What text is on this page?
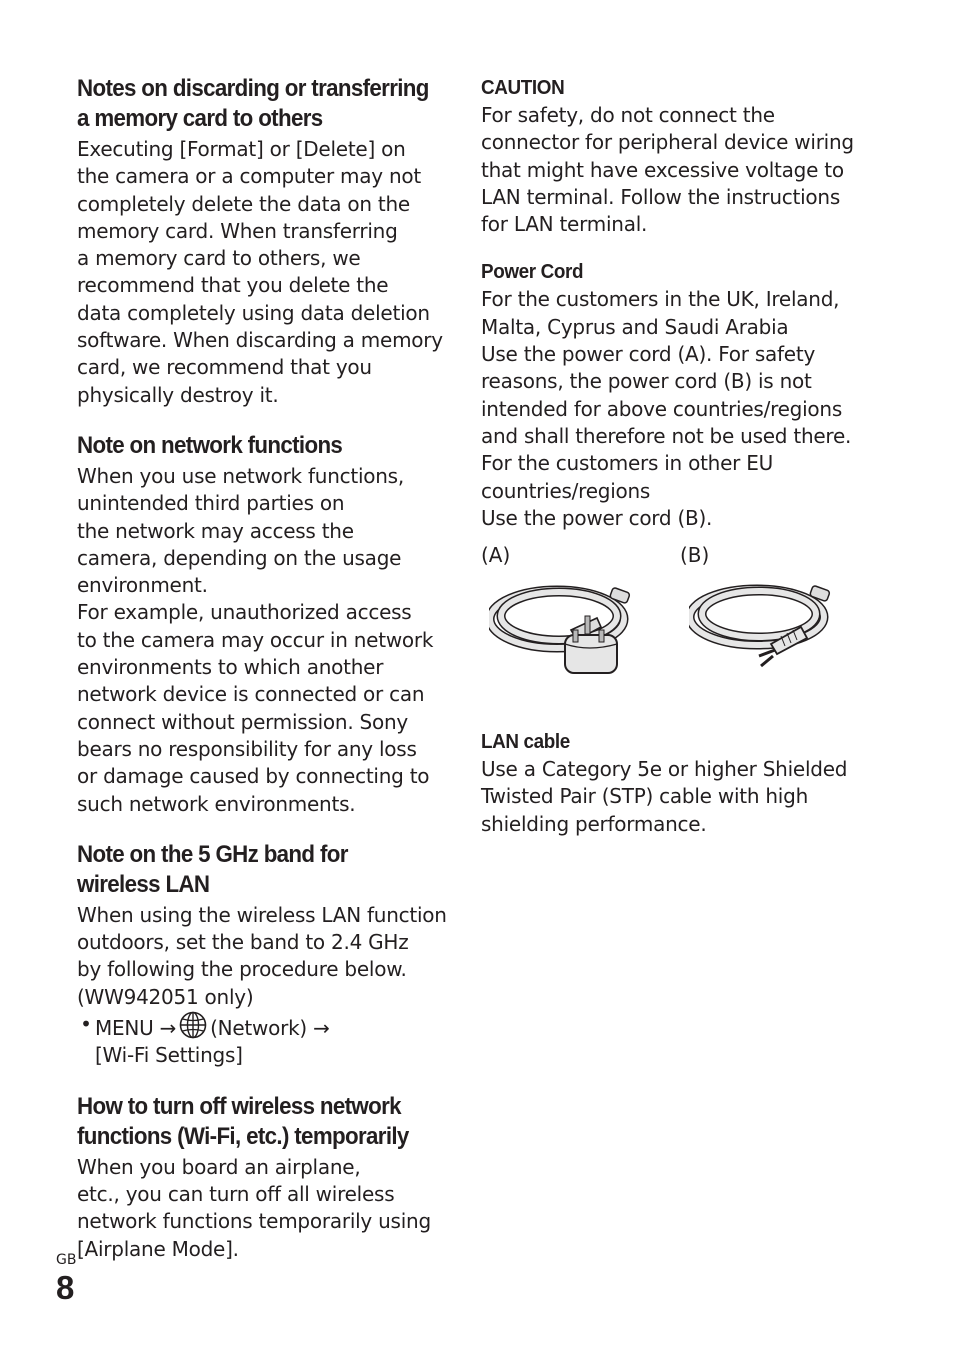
Notes on discarding or transferring
a memory card to others

Executing [Format] or [Delete] on

the camera or a computer may not

completely delete the data on the

memory card. When transferring

a memory card to others, we

recommend that you delete the

data completely using data deletion

software. When discarding a memory

card, we recommend that you

physically destroy it.

Note on network functions

When you use network functions,

unintended third parties on

the network may access the

camera, depending on the usage

environment.

For example, unauthorized access

to the camera may occur in network

environments to which another

network device is connected or can

connect without permission. Sony

bears no responsibility for any loss

or damage caused by connecting to

such network environments.

Note on the 5 GHz band for
wireless LAN

When using the wireless LAN function

outdoors, set the band to 2.4 GHz

by following the procedure below.

(WW942051 only)

• MENU → (Network) →
[Wi-Fi Settings]
How to turn off wireless network
functions (Wi-Fi, etc.) temporarily

When you board an airplane,

etc., you can turn off all wireless

network functions temporarily using

[Airplane Mode].

CAUTION

For safety, do not connect the

connector for peripheral device wiring

that might have excessive voltage to

LAN terminal. Follow the instructions

for LAN terminal.

Power Cord

For the customers in the UK, Ireland,

Malta, Cyprus and Saudi Arabia

Use the power cord (A). For safety

reasons, the power cord (B) is not

intended for above countries/regions

and shall therefore not be used there.

For the customers in other EU

countries/regions

Use the power cord (B).

(A)	(B)
LAN cable

Use a Category 5e or higher Shielded

Twisted Pair (STP) cable with high

shielding performance.

GB
8
